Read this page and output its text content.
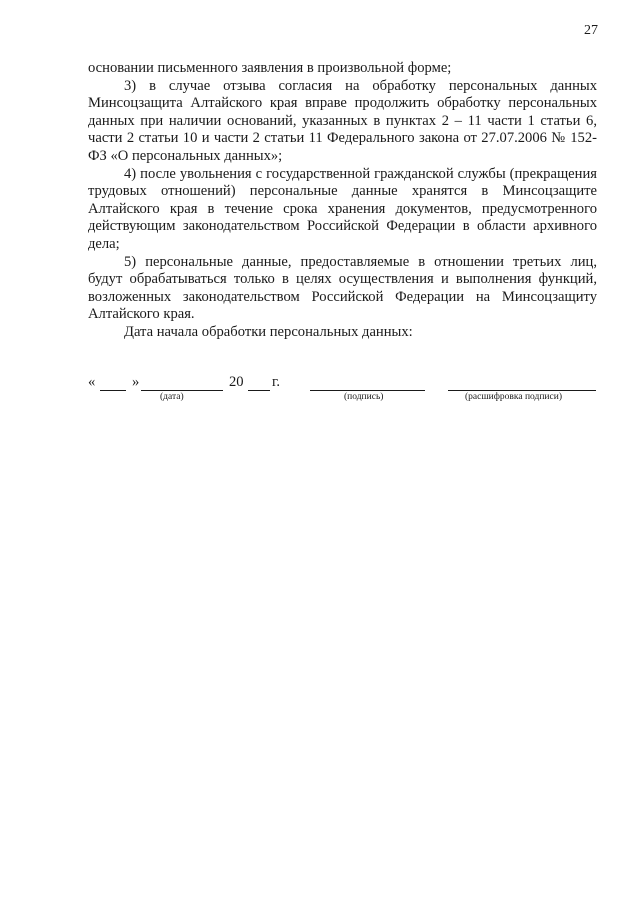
27

основании письменного заявления в произвольной форме;

3) в случае отзыва согласия на обработку персональных данных Минсоцзащита Алтайского края вправе продолжить обработку персональных данных при наличии оснований, указанных в пунктах 2 – 11 части 1 статьи 6, части 2 статьи 10 и части 2 статьи 11 Федерального закона от 27.07.2006 № 152-ФЗ «О персональных данных»;

4) после увольнения с государственной гражданской службы (прекращения трудовых отношений) персональные данные хранятся в Минсоцзащите Алтайского края в течение срока хранения документов, предусмотренного действующим законодательством Российской Федерации в области архивного дела;

5) персональные данные, предоставляемые в отношении третьих лиц, будут обрабатываться только в целях осуществления и выполнения функций, возложенных законодательством Российской Федерации на Минсоцзащиту Алтайского края.

Дата начала обработки персональных данных:

«	»	20 г.
(дата)	(подпись)	(расшифровка подписи)
